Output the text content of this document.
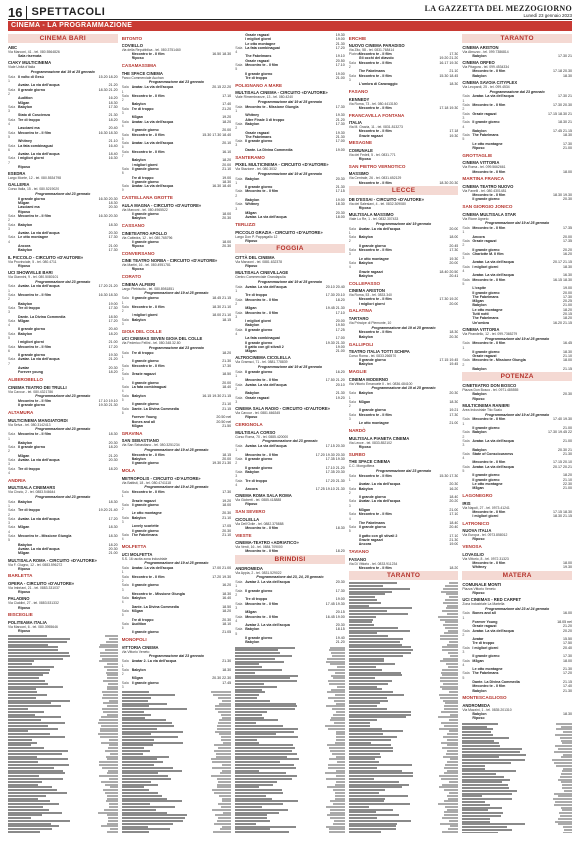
16 SPETTACOLI	LA GAZZETTA DEL MEZZOGIORNO
Lunedì 23 gennaio 2023
CINEMA - LA PROGRAMMAZIONE
CINEMA BARI
ABC
Via Marconi, 41 - tel. 080.5564826
Sala riservata
CIAKY MULTICINEMA
Viale Unità d'Italia
Programmazione dal 19 al 25 gennaio
Sala 1
Il volto di Gesù	15.20 18.20
Avatar. La via dell'acqua	21.20
Sala 2
Il grande giorno	18.30 21.20
Audition	16.20
M3gan	18.30
Sala 3
Babylon	17.30
Stato di Coscienza	21.30
Sala 4
Tre di troppo	18.20
Lasciami ma	20.40
Sala 5
Mecontro te - Il film	16.30 18.30
Whitney	21.10
Sala 6
La fata combinaguai	16.40
Avatar. La via dell'acqua	18.40
Sala 7
I migliori giorni	16.30
Riposo
ESEDRA
Largo Monte, 12 - tel. 080.5534798
GALLERIA
Corso Italia, 15 - tel. 080.5219020
Programmazione dal 23 gennaio
Il grande giorno	16.30 20.30
M3gan	18.30
Lasciami ma	20.30
Riposo
Sala 2
Mecontro te - Il film	16.30 20.30
Sala 3
Babylon	18.30
Avatar. La via dell'acqua	20.30
Sala 4
Le otto montagne	17.30
Ancora	21.00
Babylon	17.30
IL PICCOLO - CIRCUITO «D'AUTORE»
Via Provinciale, 5 - tel. 080.4711
Riposo
UCI SHOWVILLE BARI
Via Giannini, 9 - tel. 080.5080101
Programmazione dal 23 gennaio
Sala 1
Avatar. La via dell'acqua	17.20 21.20
Sala 2
Mecontro te - Il film	16.30 18.30
Babylon	19.00
Sala 3
Tre di troppo	17.30
Dante. La Divina Commedia	18.50
Sala 4
M3gan	17.20
Il grande giorno	20.40
Sala 5
Babylon	18.20
I migliori giorni	21.00
Sala 6
Mecontro te - Il film	17.20
Il grande giorno	19.30
Sala 7
Avatar. La via dell'acqua	21.20
Avatar	20.30
Forever young	18.20
ALBEROBELLO
CINEMA TEATRO DEI TRULLI
Via Cavour - tel. 080.4321786
Programmazione dal 23 gennaio
Mecontro te - Il film	17.10 19.10
Il grande giorno	19.30 21.30
ALTAMURA
MULTICINEMA MANGIATORDI
Via Selva - tel. 080.3142413
Programmazione dal 23 gennaio
Sala 1
Mecontro te - Il film	18.30
Babylon	20.30
Sala 2
Il grande giorno	18.20
M3gan	21.20
Sala 3
Avatar. La via dell'acqua	20.30
Sala 4
Tre di troppo	18.20
ANDRIA
MULTISALA CINEMARS
Via Cinzio, 2 - tel. 0883.546644
Programmazione dal 23 gennaio
Sala 1
Babylon	18.30
Sala 2
Tre di troppo	19.20 21.40
Sala 3
Avatar. La via dell'acqua	17.20
Sala 4
M3gan	18.30
Sala 5
Mecontro te - Missione Giungla	18.30
Babylon	18.20
Avatar. La via dell'acqua	20.30
M3gan	21.00
MULTISALA ROMA - CIRCUITO «D'AUTORE»
Via F. Giugno, 12 - tel. 0883.596272
Riposo
BARLETTA
OPERA - CIRCUITO «D'AUTORE»
Via Imbriani, 21 - tel. 0883.331037
Riposo
PALADINO
Via Cialdini, 27 - tel. 0883.531332
Riposo
BISCEGLIE
POLITEAMA ITALIA
Via Marconi, 6 - tel. 080.3955646
Riposo
BITONTO
COVIELLO
Via della Repubblica - tel. 080.3751460
Mecontro te - Il film	16.50 18.30
Riposo
CASAMASSIMA
THE SPACE CINEMA
Parco Commerciale Auchan
Programmazione dal 23 gennaio
Sala 1
Avatar. La via dell'acqua	20.15 22.20
Sala 2
Mecontro te - Il film	17.10
Babylon	17.40
Sala 3
Tre di troppo	21.20
M3gan	19.20
Sala 4
Avatar. La via dell'acqua	18.20
Il grande giorno	20.00
Sala 5
Mecontro te - Il film	15.30 17.30 18.40
Sala 6
Avatar. La via dell'acqua	20.10
Sala 7
Mecontro te - Il film	16.10
Babylon	18.20
I migliori giorni	20.00
Sala 8
Il grande giorno	21.10
Tre di troppo	19.00
Il grande giorno	18.30
Sala 9
Avatar. La via dell'acqua	16.30 18.40
CASTELLANA GROTTE
AULA MAGNA - CIRCUITO «D'AUTORE»
Via Marconi - tel. 080.4965522
Il grande giorno	18.00
Babylon	20.30
CASSANO
CINETEATRO APOLLO
Via Cattedra, 12 - tel. 080.765796
Il grande giorno	18.00
Riposo	20.30
CONVERSANO
CINE TEATRO NORBA - CIRCUITO «D'AUTORE»
Via Martiri, 16 - tel. 080.4951781
Riposo
CORATO
CINEMA ALFIERI
Largo Plebiscito - tel. 080.8981851
Programmazione dal 19 al 25 gennaio
Sala 1
Il grande giorno	18.45 21.15
Sala 2
Mecontro te - Il film	18.30 21.10
I migliori giorni	18.00 21.10
Sala 3
Babylon	18.15
GIOIA DEL COLLE
UCI CINEMAS SEVEN GIOIA DEL COLLE
Via Federico Fellini - tel. 080.348.32.80
Programmazione dal 23 gennaio
Sala 1
Tre di troppo	18.20
Il grande giorno	21.30
Sala 2
Mecontro te - Il film	17.30
Sala 3
Grazie ragazzi	18.50
Il grande giorno	20.00
Sala 4
La fata combinaguai	18.40
Sala 5
Babylon	16.15 19.30 21.15
Il grande giorno	21.10
Sala 6
Dante. La Divina Commedia	21.15
Forever Young	20.50 nel
Bones and all	20.50 nel
M3gan	21.50
GRAVINA
SAN SEBASTIANO
Via San Sebastiano - tel. 080.3251234
Programmazione dal 19 al 25 gennaio
Mecontro te - Il film	18.15
Babylon	20.00
Il grande giorno	19.30 21.30
MOLA
METROPOLIS - CIRCUITO «D'AUTORE»
Via Battisti, 18 - tel. 080.4741118
Programmazione dal 19 al 25 gennaio
Sala 1
Mecontro te - Il film	17.30
Grazie ragazzi	19.20
Sala 2
Il grande giorno	18.00
Le otto montagne	20.30
Sala 3
Babylon	21.10
Lovely scarlette	17.05
Il grande giorno	20.30
Sala 4
The Fabelmans	21.10
MOLFETTA
UCI MOLFETTA
S.S. 16 uscita zona industriale
Programmazione dal 19 al 25 gennaio
Sala 1
Avatar. La via dell'acqua	17.00 21.00
Sala 2
Mecontro te - Il film	17.20 19.30
Sala 3
Il grande giorno	16.20
Mecontro te - Missione Giungla	18.30
Sala 4
Babylon	16.40
Dante. La Divina Commedia	18.50
Sala 5
M3gan	18.20
Tre di troppo	20.30
Sala 6
Audition	18.10
Il grande giorno	21.05
MONOPOLI
VITTORIA CINEMA
Via Vittorio Veneto
Programmazione dal 23 gennaio
Sala 1
Avatar 2. La via dell'acqua	21.30
Sala 2
Babylon	18.30
M3gan	20.30 22.30
Sala 3
Il grande giorno	17.45
Grazie ragazzi	19.30
I migliori giorni	19.00
Le otto montagne	21.30
Sala 4
La fata combinaguai	17.20
The Fabelmans	19.10
Grazie ragazzi	20.50
Sala 5
Mecontro te - Il film	17.10
Il grande giorno	19.00
Tre di troppo	21.00
POLIGNANO A MARE
MULTISALA CINEMA - CIRCUITO «D'AUTORE»
Viale Rimembranze, 13 - tel. 080.4240
Programmazione dal 19 al 25 gennaio
Sala 1
Mecontro te - Missione Giungla	17.30
Whitney	19.30
Altre Finale 3 di troppo	21.20
Sala 2
Babylon	17.30
Grazie ragazzi	19.30
The Fabelmans	21.30
Sala 3
Il grande giorno	17.00
Dante. La Divina Commedia	19.00
SANTERAMO
PIXEL MULTICINEMA - CIRCUITO «D'AUTORE»
Via Stazione - tel. 080.3032
Programmazione dal 19 al 25 gennaio
Sala 1
Babylon	20.30
Il grande giorno	21.30
Sala 2
Mecontro te - Il film	17.15
Babylon	19.00
Sala 3
Whitney	18.30
M3gan	20.30
Avatar. La via dell'acqua	18.00
TERLIZZI
PICCOLO GRAZIA - CIRCUITO «D'AUTORE»
Largo Don P. Pappagallo 12
Riposo
FOGGIA
CITTÀ DEL CINEMA
Via Manzoni - tel. 0881.632378
Riposo
MULTISALA CINEVILLAGE
Centro Commerciale Grandapulia
Programmazione dal 19 al 25 gennaio
Sala 1
Avatar. La via dell'acqua	20.10 20.40
Tre di troppo	17.30 20.10
Sala 2
Mecontro te - Il film	18.20
M3gan	19.45 21.30
Sala 3
Mecontro te - Il film	17.10
I migliori giorni	20.00
Babylon	19.50
Sala 4
Il grande giorno	17.25
La fata combinaguai	17.00
Il grande giorno	19.30 21.30
Il gatto con gli stivali 2	19.00
M3gan	21.00
ALTROCINEMA CICOLELLA
Via Gramsci, 71 - tel. 0881.778839
Programmazione dal 19 al 25 gennaio
Sala 1
Il grande giorno	16.20
Mecontro te - Il film	17.50 21.20
Sala 2
Avatar. La via dell'acqua	20.10
Babylon	21.30
Sala 3
Grazie ragazzi	19.20
CINEMA SALA RADIO - CIRCUITO «D'AUTORE»
Via Cavour - tel. 0881.666345
Riposo
CERIGNOLA
MULTISALA CORSO
Corso Roma, 70 - tel. 0885.420000
Programmazione dal 23 gennaio
Sala 1
Avatar. La via dell'acqua	17.15 20.30
Mecontro te - Il film	17.20 19.30 20.30
Sala 2
Il grande giorno	17.35 19.30
Il grande giorno	17.10 21.20
Sala 3
Babylon	17.35 20.30
Sala 4
Tre di troppo	17.20 21.30
Ancora	17.25 19.10 21.30
CINEMA ROMA SALA ROMA
Via Gioberti - tel. 0885.418888
Riposo
SAN SEVERO
CICOLELLA
Via Dell'Ovile - tel. 0882.375888
Mecontro te - Il film	18.30
VIESTE
CINEMA-TEATRO «ADRIATICO»
Via Verdi, 16 - tel. 0884.709000
Mecontro te - Il film	18.20
BRINDISI
ANDROMEDA
Via Appia, 2 - tel. 0831.529022
Programmazione dal 23, 24, 25 gennaio
Sala 1
Avatar 2. La via dell'acqua	20.30
Sala 2
Il grande giorno	17.30
Tre di troppo	19.00
Sala 3
Mecontro te - Il film	17.45 19.30
M3gan	20.15
Sala 4
Mecontro te - Il film	16.45 19.00
Avatar 2. La via dell'acqua	20.30
Sala 5
Babylon	18.15
Il grande giorno	19.40
Babylon	21.20
ERCHIE
NUOVO CINEMA PARADISO
Via Zito, 58 - tel. 0831.768414
Platea Mecontro te - Il film	17.30
Gli occhi del diavolo	19.20 21.20
Sala 2
Mecontro te - Il film	16.17 19.30
The Fabelmans	21.10
Sala 3
Mecontro te - Il film	15.30 18.45
L'ombra di Caravaggio	18.30
FASANO
KENNEDY
Via Roma, 73 - tel. 080.4413150
Mecontro te - Il film	17.18 19.30
FRANCAVILLA FONTANA
ITALIA
Via M. Grazia, 11 - tel. 0831.813273
Mecontro te - Il film	17.18
Grazie ragazzi	19.30
MESAGNE
COMUNALE
Via dei Fedeli, 5 - tel. 0831.771
Riposo
SAN PIETRO VERNOTICO
MASSIMO
Via Centrale, 26 - tel. 0831.652129
Mecontro te - Il film	18.30 20.30
LECCE
DB D'ESSAI - CIRCUITO «D'AUTORE»
Via dei Salesiani, 4 - tel. 0832.309080
Riposo
MULTISALA MASSIMO
Viale Lo Re, 1 - tel. 0832.307433
Programmazione dal 19 gennaio
Sala 1
Avatar. La via dell'acqua	20.00
Sala 2
Babylon	18.00
Il grande giorno	20.45
Sala 3
Mecontro te - Il film	17.30
Le otto montagne	19.30
Sala 4
Babylon	20.00
Grazie ragazzi	18.40 20.50
Babylon	20.41
COLLEPASSO
CINEMA ARISTON
Via Roma, 53 - tel. 0833.340
Mecontro te - Il film	17.30 19.20
I migliori giorni	20.00
GALATINA
TARTARO
Via Principe di Piemonte, 10
Programmazione dal 19 al 25 gennaio
Mecontro te - Il film	18.30
Babylon	20.30
GALLIPOLI
TEATRO ITALIA TOTTI SCHIPA
Corso Roma - tel. 0833.266570
Il grande giorno	17.15 19.45
Babylon	19.45
MAGLIE
CINEMA MODERNO
Via Vittorio Emanuele II - tel. 0836.484100
Programmazione dal 19 al 25 gennaio
Sala 1
Babylon	20.30
Sala 2
M3gan	18.30
Il grande giorno	19.21
Sala 3
Mecontro te - Il film	17.30
Le otto montagne	21.00
NARDÒ
MULTISALA PIANETA CINEMA
Via Lecce - tel. 0833.852102
Riposo
SURBO
THE SPACE CINEMA
C.C. Mongolfiera
Programmazione dal 23 gennaio
Sala 1
Mecontro te - Il film	15.30 17.30
Avatar. La via dell'acqua	20.30
Sala 2
Babylon	16.20
Il grande giorno	18.40
Sala 3
Avatar. La via dell'acqua	20.20
M3gan	21.00
Sala 4
Mecontro te - Il film	17.10
The Fabelmans	18.40
Sala 5
Il grande giorno	20.40
Il gatto con gli stivali 2	17.10
Grazie ragazzi	21.30
Ancora	19.00
TAVIANO
FASANO
Via Di Vittorio - tel. 0833.911234
Mecontro te - Il film	18.20
TARANTO
TARANTO
CINEMA ARISTON
Via Abruzzo - tel. 099.7386814
Babylon	17.30 21
CINEMA ORFEO
Via Pitagora - tel. 099.4534334
Mecontro te - Il film	17.18 20.30
Babylon	18.30
CINEMA SAVOIA CITYPLEX
Via Leopardi, 25 - tel. 099.4534
Programmazione dal 23 gennaio
Sala 1
Avatar. La via dell'acqua	17.30 21
Sala 2
Mecontro te - Il film	17.30 20.30
Sala 3
Grazie ragazzi	17.15 18.30 21
Sala 4
Il grande giorno	18.30 21
Babylon	17.45 21.15
Sala 5
The Fabelmans	18.30
Le otto montagne	17.30
Riposo	21.00
GROTTAGLIE
CINEMA VITTORIA
Via Roma - tel. 099.5662661
Mecontro te - Il film	18.00
MARTINA FRANCA
CINEMA TEATRO NUOVO
Via Fanelli - tel. 080.4301481
Mecontro te - Il film	18.30 19.30
Il grande giorno	20.30
SAN GIORGIO JONICO
CINEMA MULTISALA STAR
Via Rione Agneto
Programmazione dal 19 al 25 gennaio
Sala 1
Mecontro te - Il film	17.35
Ancora	20.00
Sala 2
Grazie ragazzi	17.35
Il grande giorno	20.20
Sala 3
Charlotte M. Il film	16.20
Avatar. La via dell'acqua	20.17 21.15
Sala 4
I migliori giorni	18.30
Avatar. La via dell'acqua	16.30
Sala 5
Mecontro te - Il film	16.15 18.30
L'ospite	19.00
Il grande giorno	20.00
The Fabelmans	17.30
M3gan	20.25
Babylon	21.00
Le otto montagne	18.20
Tutti notti	20.15
The Fabelmans	18.20
Un'ombra	16.20 21.15
CINEMA VITTORIA
Via Pirandello, 12 - tel. 099.7365279
Programmazione dal 19 al 25 gennaio
Sala 1
Mecontro te - Il film	16.45
Il grande giorno	18.30
Grazie ragazzi	21.10
Sala 2
Mecontro te - Missione Giungla	18.00
Babylon	21.15
POTENZA
CINETEATRO DON BOSCO
Piazza Don Bosco - tel. 0971.485555
Babylon	20.30
Riposo
MULTICINEMA RANIERI
Area Industriale Tito Scalo
Programmazione dal 19 al 25 gennaio
Sala 1
Mecontro te - Il film	17.40 19.30
Il grande giorno	21.00
Sala 2
Babylon	17.30 19.45 22
Sala 3
Avatar. La via dell'acqua	21.00
Babylon	20.30 21
Sala 4
State of Consciousness	21.30
Mecontro te - Il film	17.15 20.10
Sala 5
Avatar. La via dell'acqua	20.17 20.21
Il grande giorno	18.20
Il grande giorno	21.10
Le otto montagne	22.30
M3gan	21.00
LAGONEGRO
IRIS
Via Napoli, 27 - tel. 0973.41241
Mecontro te - Il film	17.15 18.30
I migliori giorni	18.30 21.15
LATRONICO
NUOVA ITALIA
Via Europa - tel. 0973.858012
Riposo
VENOSA
LOVAGLIO
Via Vittorio, 8 - tel. 0972.31323
Mecontro te - Il film	18.00
Whitney	19.30
MATERA
COMUNALE MONTI
Piazza Vittorio Veneto
Riposo
UCI CINEMAS - RED CARPET
Zona Industriale La Martella
Programmazione dal 23 al 24 gennaio
Sala 1
Bones and all	16.00
Forever Young	18.05 nel
Grazie ragazzi	21.20
Sala 2
Avatar. La via dell'acqua	20.20
Avatar	15.50
Tre di troppo	17.50
Sala 3
I migliori giorni	20.40
Il grande giorno	17.30
Sala 4
M3gan	18.00
Le otto montagne	21.30
Sala 5
The Fabelmans	17.20
Dante. La Divina Commedia	21.15
Mecontro te - Il film	17.40
Babylon	21.30
MONTESCAGLIOSO
ANDROMEDA
Via Mazzini, 1 - tel. 0835.201310
Babylon	18.30
Riposo
